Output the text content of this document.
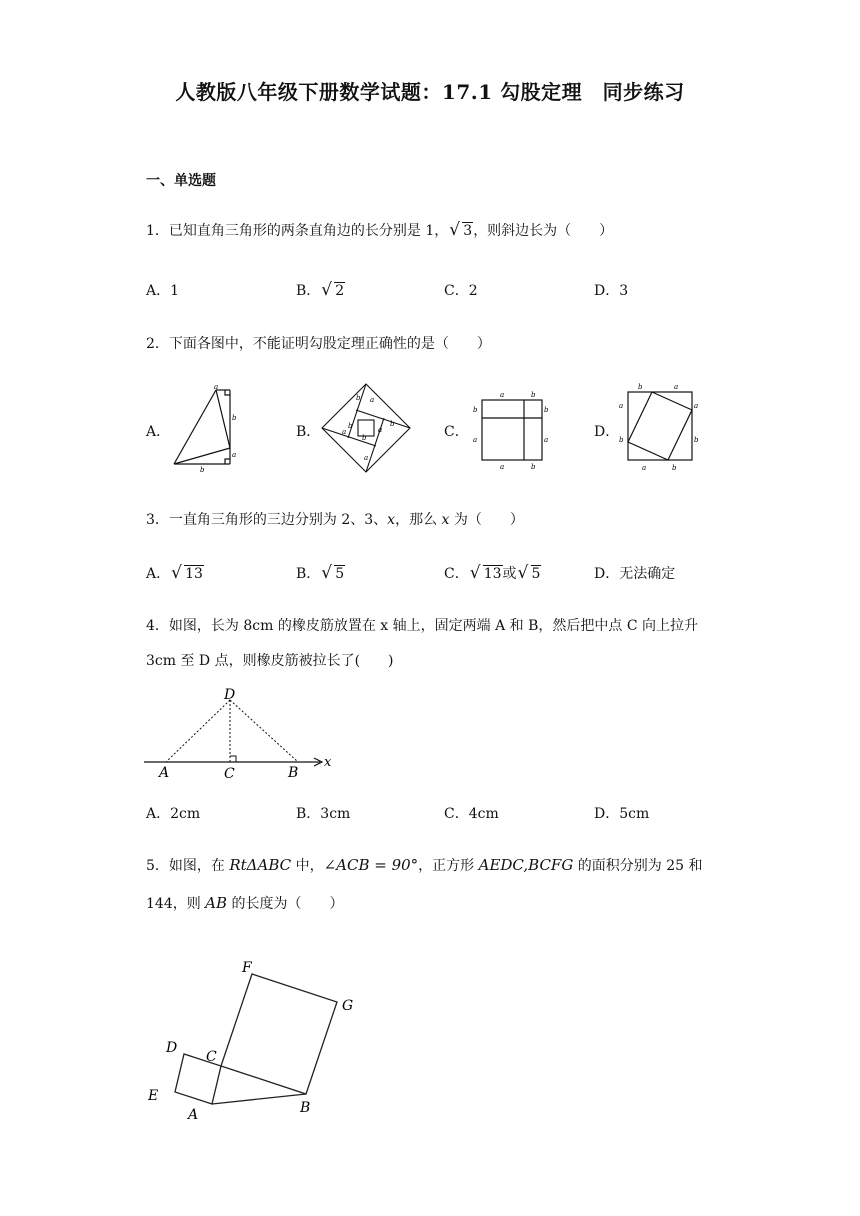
人教版八年级下册数学试题：17.1 勾股定理　同步练习
一、单选题
1．已知直角三角形的两条直角边的长分别是 1， √ 3，则斜边长为（　　）
A．1	B． √ 2	C．2	D．3
2．下面各图中，不能证明勾股定理正确性的是（　　）
A．
a
b
a
b
B．
b a
b
a
b
b
a
a
C．
a	b
b
a
b
a
a	b
D．
b	a
a
b
a
b
a	b
3．一直角三角形的三边分别为 2、3、x，那么 x 为（　　）
A． √ 13	B． √ 5	C． √ 13或 √ 5	D．无法确定
4．如图，长为 8cm 的橡皮筋放置在 x 轴上，固定两端 A 和 B，然后把中点 C 向上拉升
3cm 至 D 点，则橡皮筋被拉长了(　　)
D
A	C	B
x
A．2cm	B．3cm	C．4cm	D．5cm
5．如图，在 RtΔABC 中，∠ACB = 90°，正方形 AEDC,BCFG 的面积分别为 25 和
144，则 AB 的长度为（　　）
F
G
D
C
E
A	B
